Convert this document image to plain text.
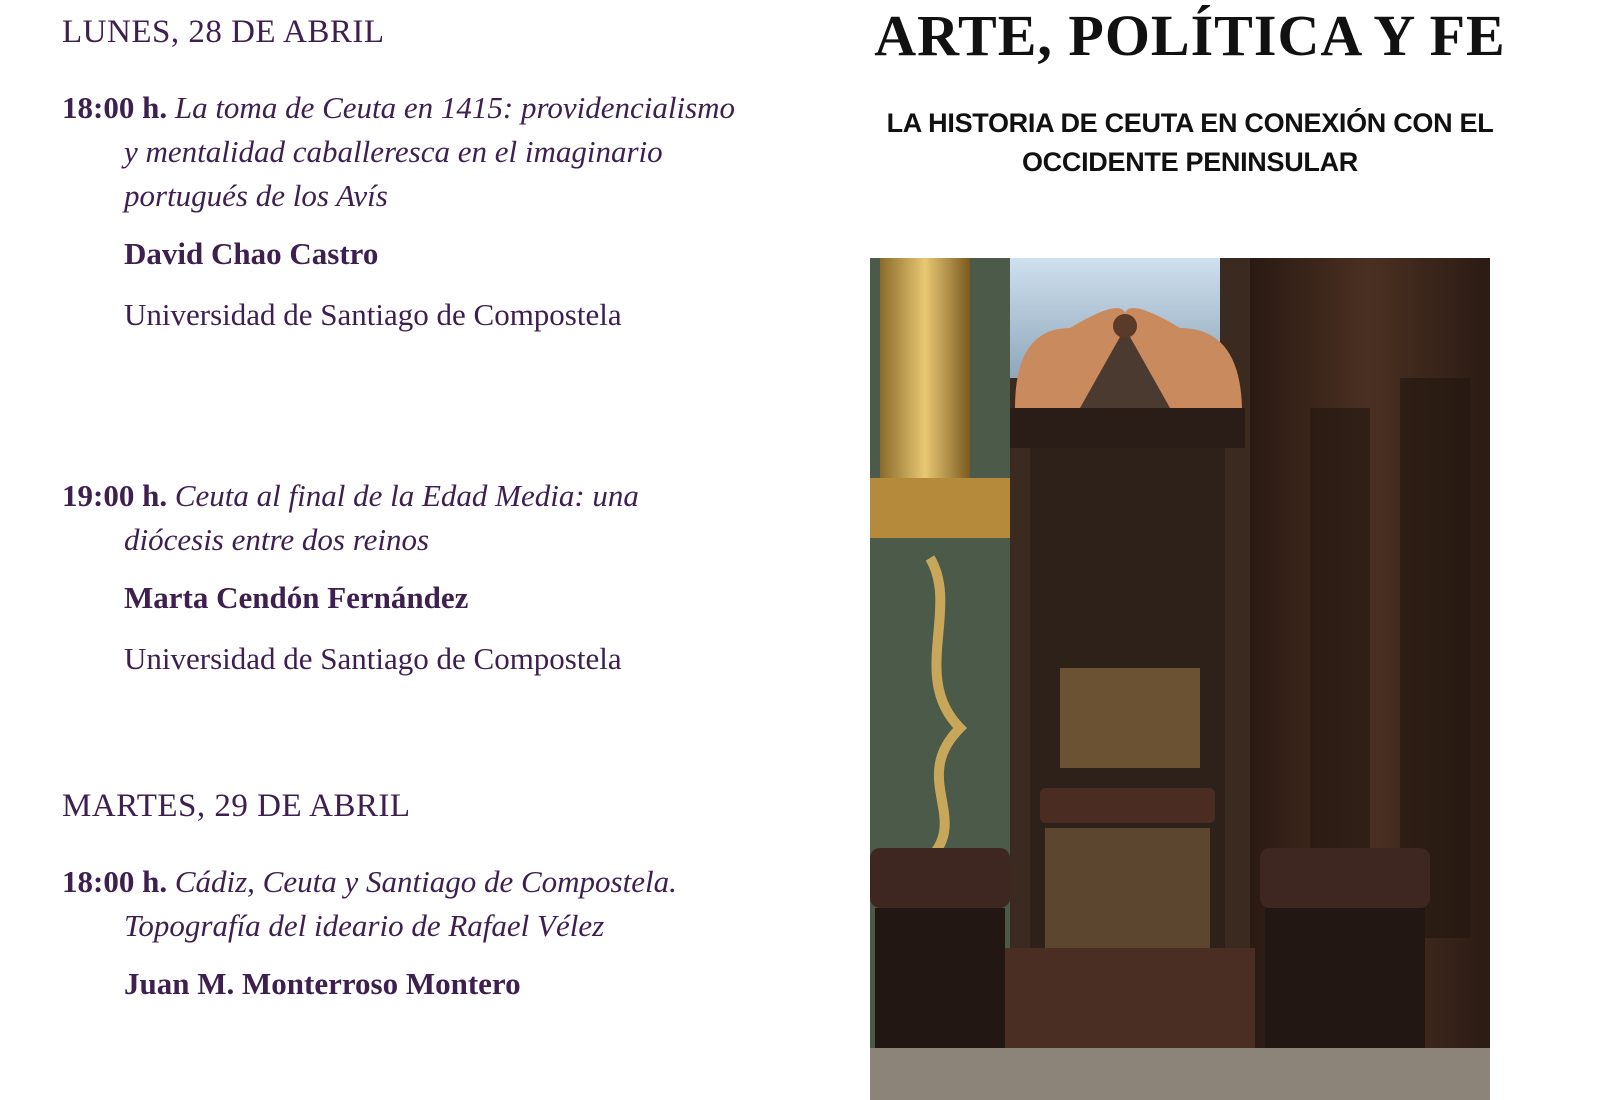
LUNES, 28 DE ABRIL

18:00 h. La toma de Ceuta en 1415: providencialismo y mentalidad caballeresca en el imaginario portugués de los Avís

David Chao Castro

Universidad de Santiago de Compostela

19:00 h. Ceuta al final de la Edad Media: una diócesis entre dos reinos

Marta Cendón Fernández

Universidad de Santiago de Compostela

MARTES, 29 DE ABRIL

18:00 h. Cádiz, Ceuta y Santiago de Compostela. Topografía del ideario de Rafael Vélez

Juan M. Monterroso Montero

ARTE, POLÍTICA Y FE

LA HISTORIA DE CEUTA EN CONEXIÓN CON EL OCCIDENTE PENINSULAR
